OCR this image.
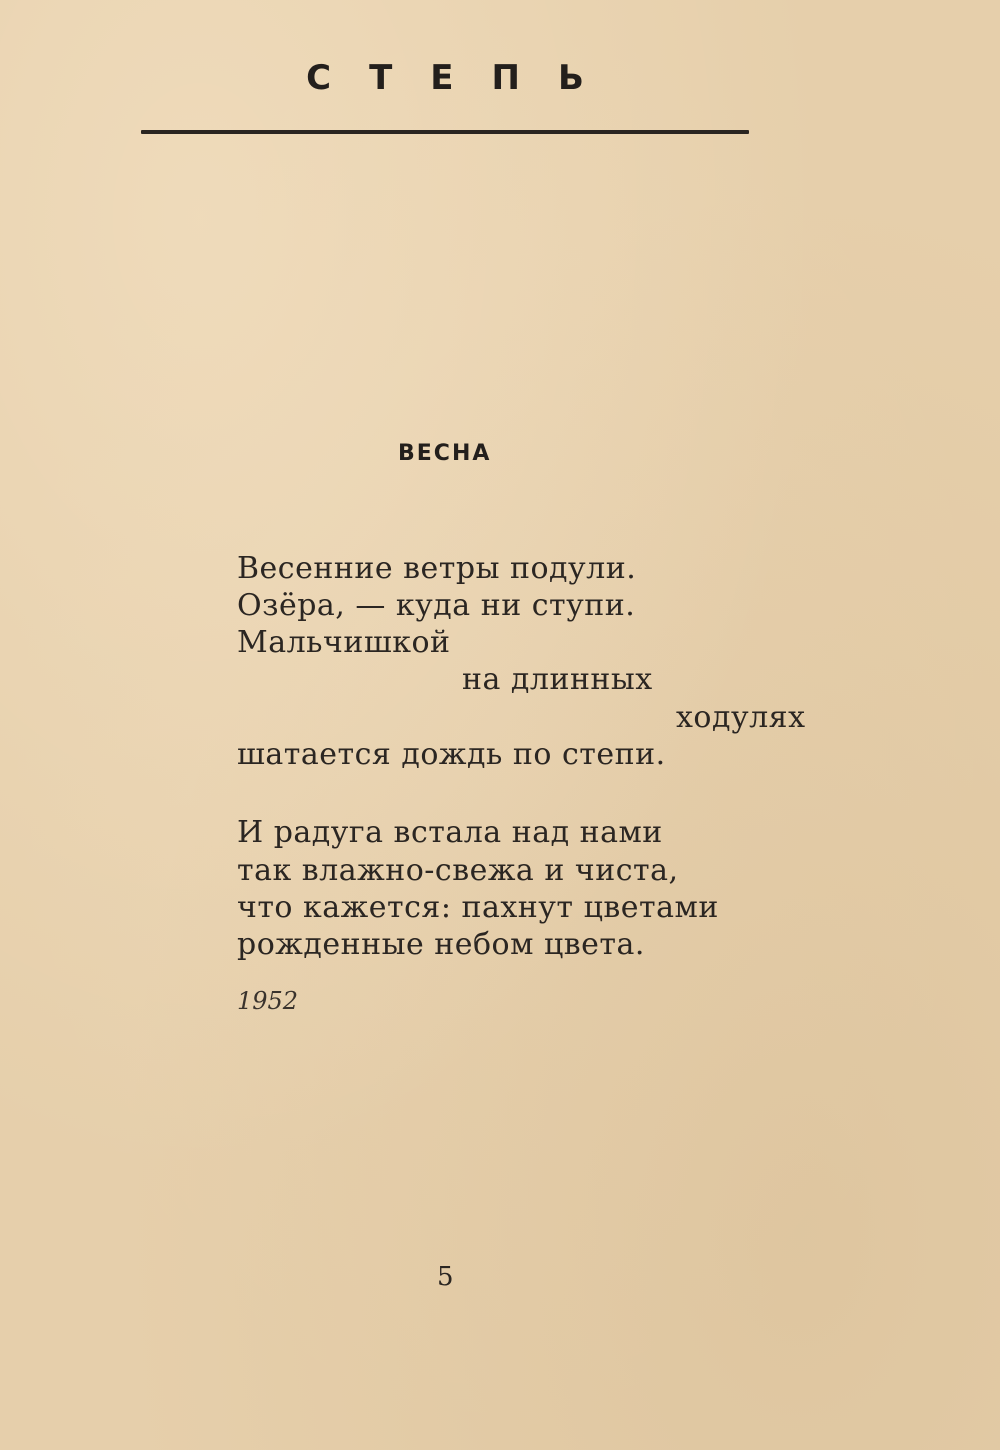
СТЕПЬ
ВЕСНА
Весенние ветры подули.
Озёра, — куда ни ступи.
Мальчишкой
на длинных
ходулях
шатается дождь по степи.
И радуга встала над нами
так влажно-свежа и чиста,
что кажется: пахнут цветами
рожденные небом цвета.
1952
5
